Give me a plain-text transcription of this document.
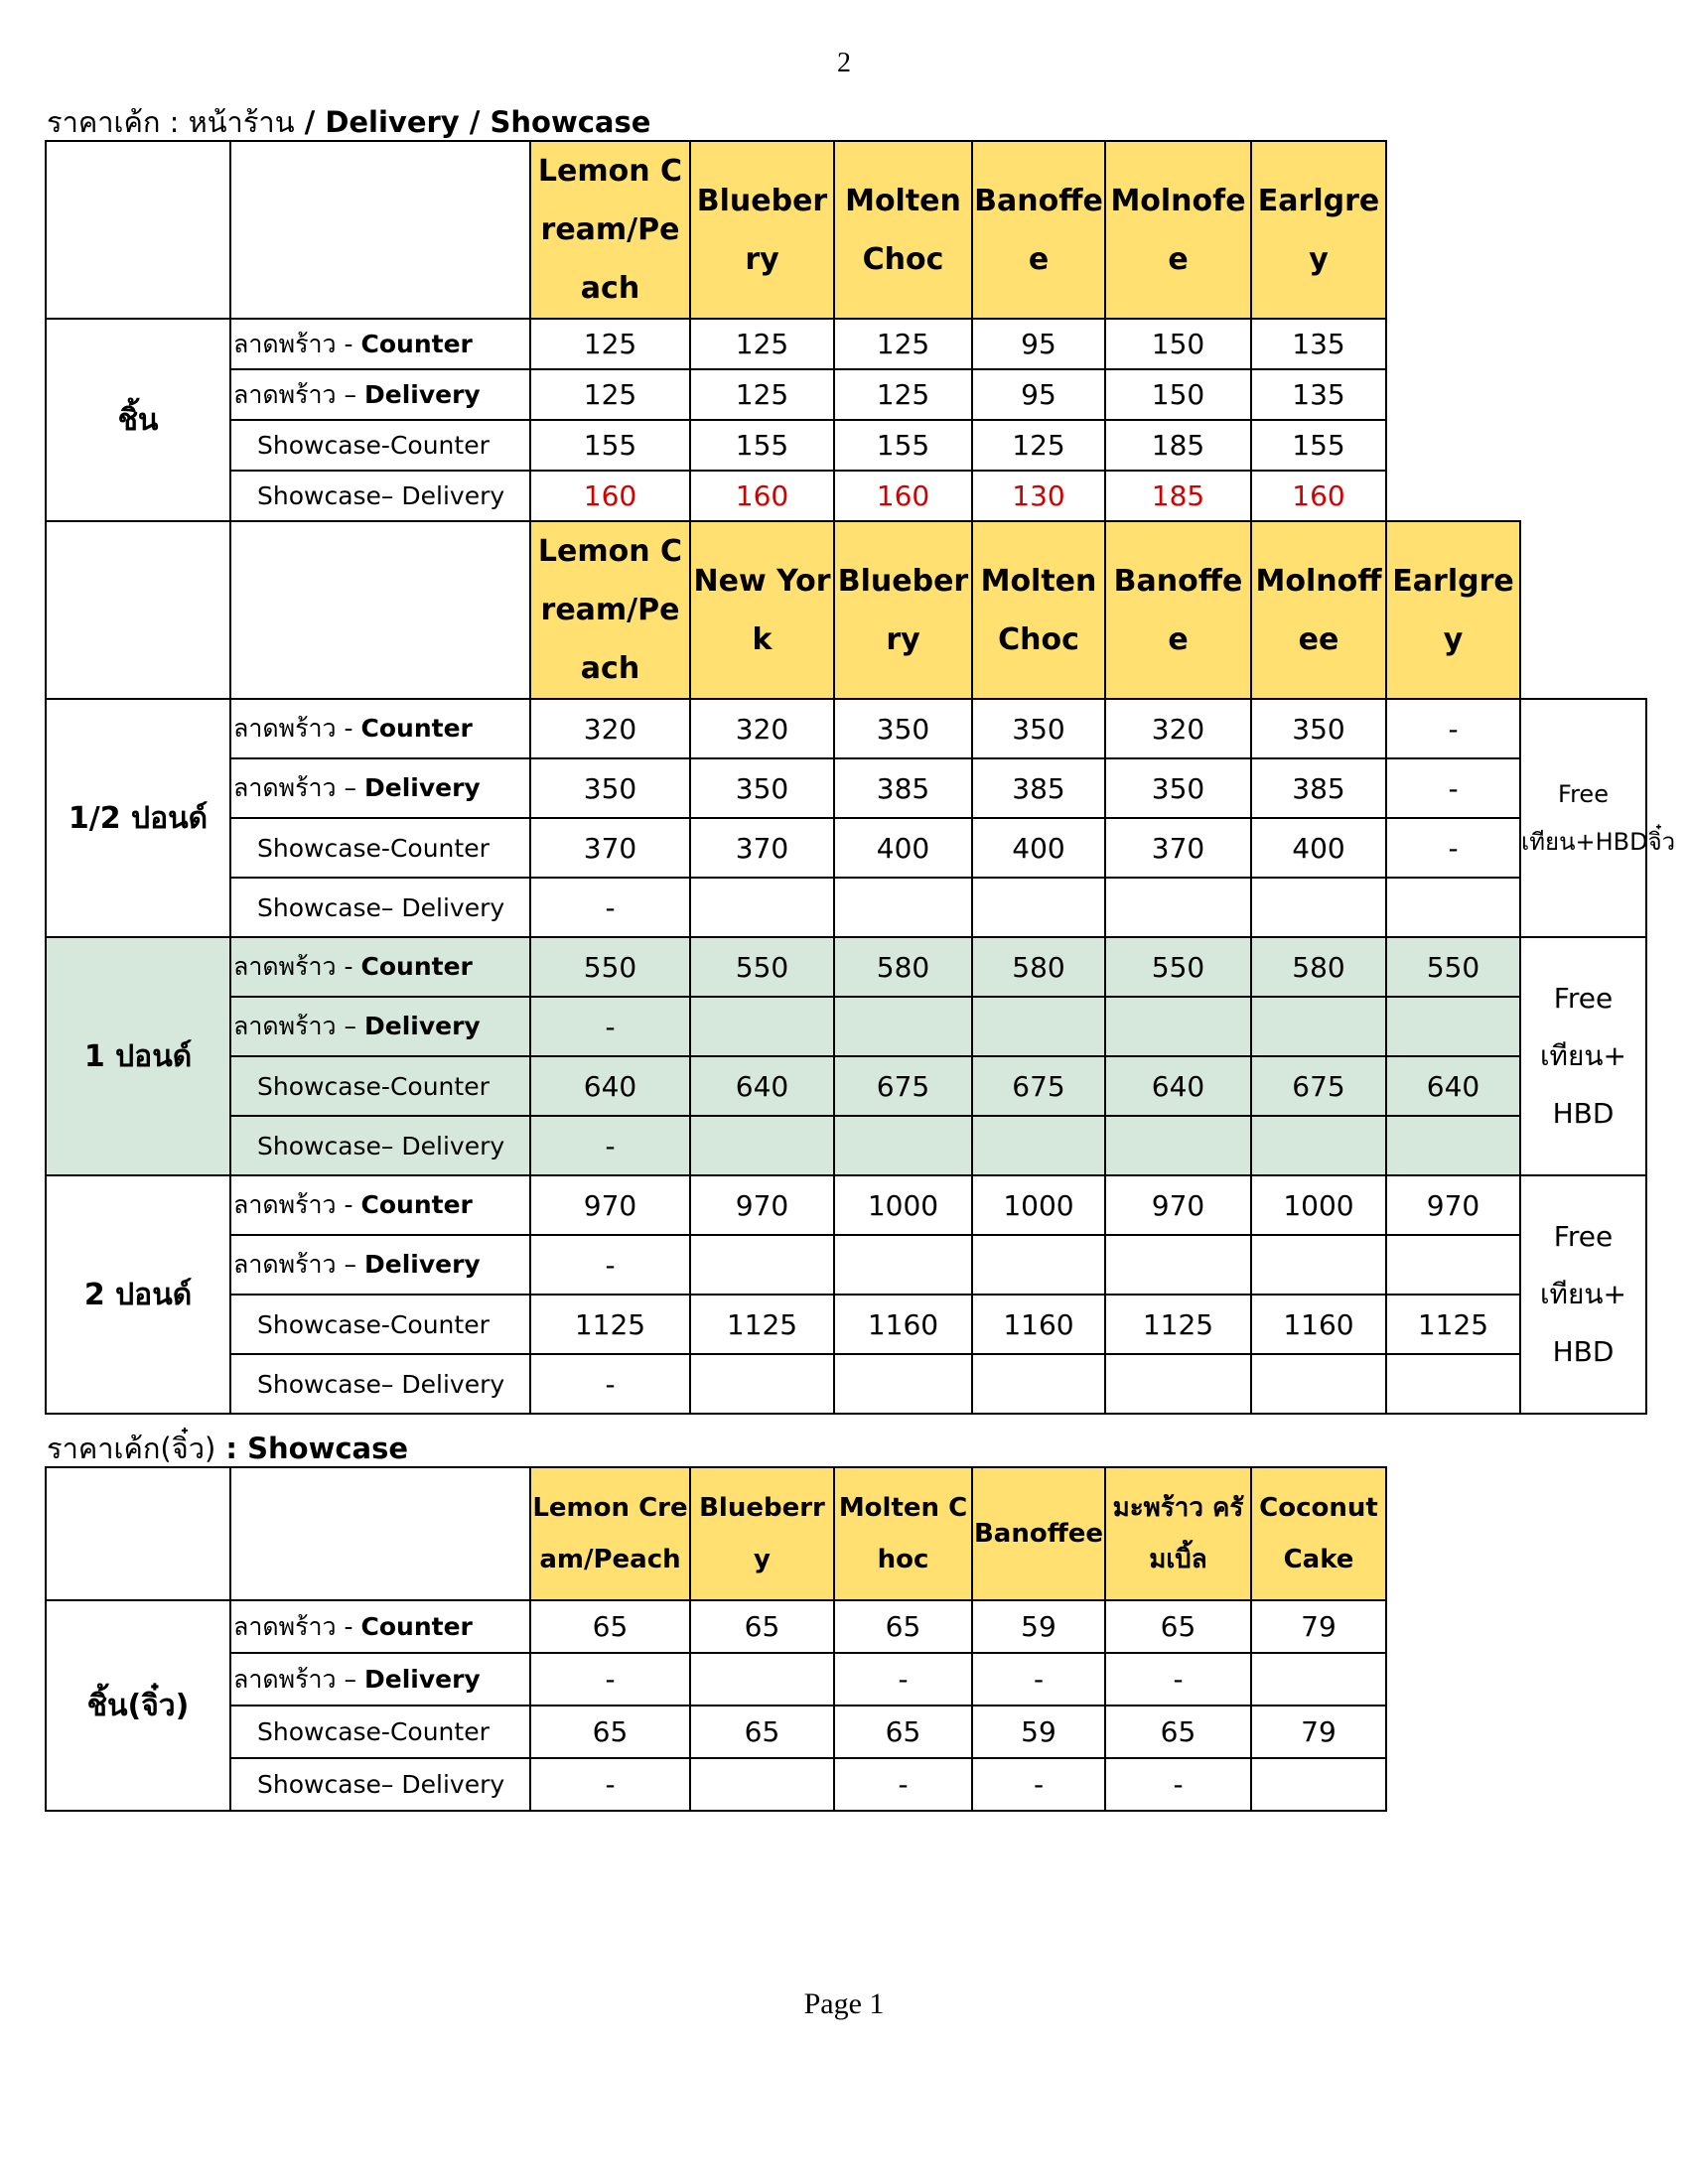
2
ราคาเค้ก : หน้าร้าน / Delivery / Showcase
		Lemon Cream/Peach	Blueberry	Molten Choc	Banoffee	Molnofee	Earlgrey		
ชิ้น	ลาดพร้าว - Counter	125	125	125	95	150	135		
	ลาดพร้าว – Delivery	125	125	125	95	150	135		
	Showcase-Counter	155	155	155	125	185	155		
	Showcase– Delivery	160	160	160	130	185	160		
		Lemon Cream/Peach	New York	Blueberry	Molten Choc	Banoffee	Molnoffee	Earlgrey	
1/2 ปอนด์	ลาดพร้าว - Counter	320	320	350	350	320	350	-	Free เทียน+HBDจิ๋ว
	ลาดพร้าว – Delivery	350	350	385	385	350	385	-	
	Showcase-Counter	370	370	400	400	370	400	-	
	Showcase– Delivery	-							
1 ปอนด์	ลาดพร้าว - Counter	550	550	580	580	550	580	550	Free เทียน+ HBD
	ลาดพร้าว – Delivery	-							
	Showcase-Counter	640	640	675	675	640	675	640	
	Showcase– Delivery	-							
2 ปอนด์	ลาดพร้าว - Counter	970	970	1000	1000	970	1000	970	Free เทียน+ HBD
	ลาดพร้าว – Delivery	-							
	Showcase-Counter	1125	1125	1160	1160	1125	1160	1125	
	Showcase– Delivery	-							
ราคาเค้ก(จิ๋ว) : Showcase
		Lemon Cream/Peach	Blueberry	Molten Choc	Banoffee	มะพร้าว ครัมเบิ้ล	Coconut Cake
ชิ้น(จิ๋ว)	ลาดพร้าว - Counter	65	65	65	59	65	79
	ลาดพร้าว – Delivery	-		-	-	-	
	Showcase-Counter	65	65	65	59	65	79
	Showcase– Delivery	-		-	-	-	
Page 1
